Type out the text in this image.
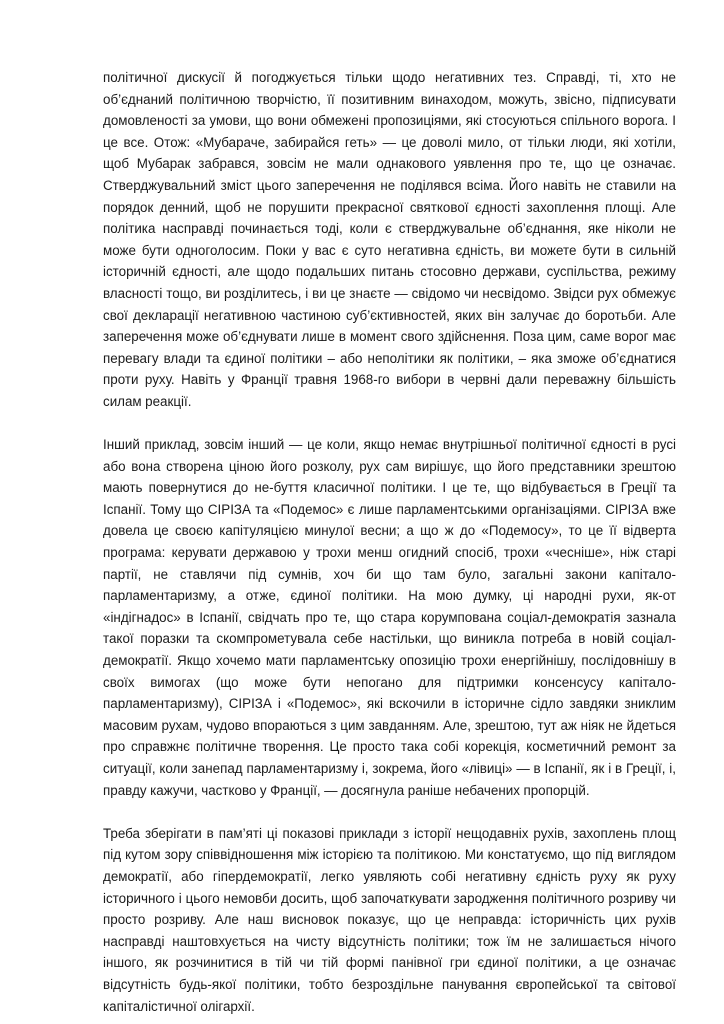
політичної дискусії й погоджується тільки щодо негативних тез. Справді, ті, хто не об’єднаний політичною творчістю, її позитивним винаходом, можуть, звісно, підписувати домовленості за умови, що вони обмежені пропозиціями, які стосуються спільного ворога. І це все. Отож: «Мубараче, забирайся геть» — це доволі мило, от тільки люди, які хотіли, щоб Мубарак забрався, зовсім не мали однакового уявлення про те, що це означає. Стверджувальний зміст цього заперечення не поділявся всіма. Його навіть не ставили на порядок денний, щоб не порушити прекрасної святкової єдності захоплення площі. Але політика насправді починається тоді, коли є стверджувальне об’єднання, яке ніколи не може бути одноголосим. Поки у вас є суто негативна єдність, ви можете бути в сильній історичній єдності, але щодо подальших питань стосовно держави, суспільства, режиму власності тощо, ви розділитесь, і ви це знаєте — свідомо чи несвідомо. Звідси рух обмежує свої декларації негативною частиною суб’єктивностей, яких він залучає до боротьби. Але заперечення може об’єднувати лише в момент свого здійснення. Поза цим, саме ворог має перевагу влади та єдиної політики – або неполітики як політики, – яка зможе об’єднатися проти руху. Навіть у Франції травня 1968-го вибори в червні дали переважну більшість силам реакції.

Інший приклад, зовсім інший — це коли, якщо немає внутрішньої політичної єдності в русі або вона створена ціною його розколу, рух сам вирішує, що його представники зрештою мають повернутися до не-буття класичної політики. І це те, що відбувається в Греції та Іспанії. Тому що СІРІЗА та «Подемос» є лише парламентськими організаціями. СІРІЗА вже довела це своєю капітуляцією минулої весни; а що ж до «Подемосу», то це її відверта програма: керувати державою у трохи менш огидний спосіб, трохи «чесніше», ніж старі партії, не ставлячи під сумнів, хоч би що там було, загальні закони капітало-парламентаризму, а отже, єдиної політики. На мою думку, ці народні рухи, як-от «індігнадос» в Іспанії, свідчать про те, що стара корумпована соціал-демократія зазнала такої поразки та скомпрометувала себе настільки, що виникла потреба в новій соціал-демократії. Якщо хочемо мати парламентську опозицію трохи енергійнішу, послідовнішу в своїх вимогах (що може бути непогано для підтримки консенсусу капітало-парламентаризму), СІРІЗА і «Подемос», які вскочили в історичне сідло завдяки зниклим масовим рухам, чудово впораються з цим завданням. Але, зрештою, тут аж ніяк не йдеться про справжнє політичне творення. Це просто така собі корекція, косметичний ремонт за ситуації, коли занепад парламентаризму і, зокрема, його «лівиці» — в Іспанії, як і в Греції, і, правду кажучи, частково у Франції, — досягнула раніше небачених пропорцій.

Треба зберігати в пам’яті ці показові приклади з історії нещодавніх рухів, захоплень площ під кутом зору співвідношення між історією та політикою. Ми констатуємо, що під виглядом демократії, або гіпердемократії, легко уявляють собі негативну єдність руху як руху історичного і цього немовби досить, щоб започаткувати зародження політичного розриву чи просто розриву. Але наш висновок показує, що це неправда: історичність цих рухів насправді наштовхується на чисту відсутність політики; тож їм не залишається нічого іншого, як розчинитися в тій чи тій формі панівної гри єдиної політики, а це означає відсутність будь-якої політики, тобто безроздільне панування європейської та світової капіталістичної олігархії.
